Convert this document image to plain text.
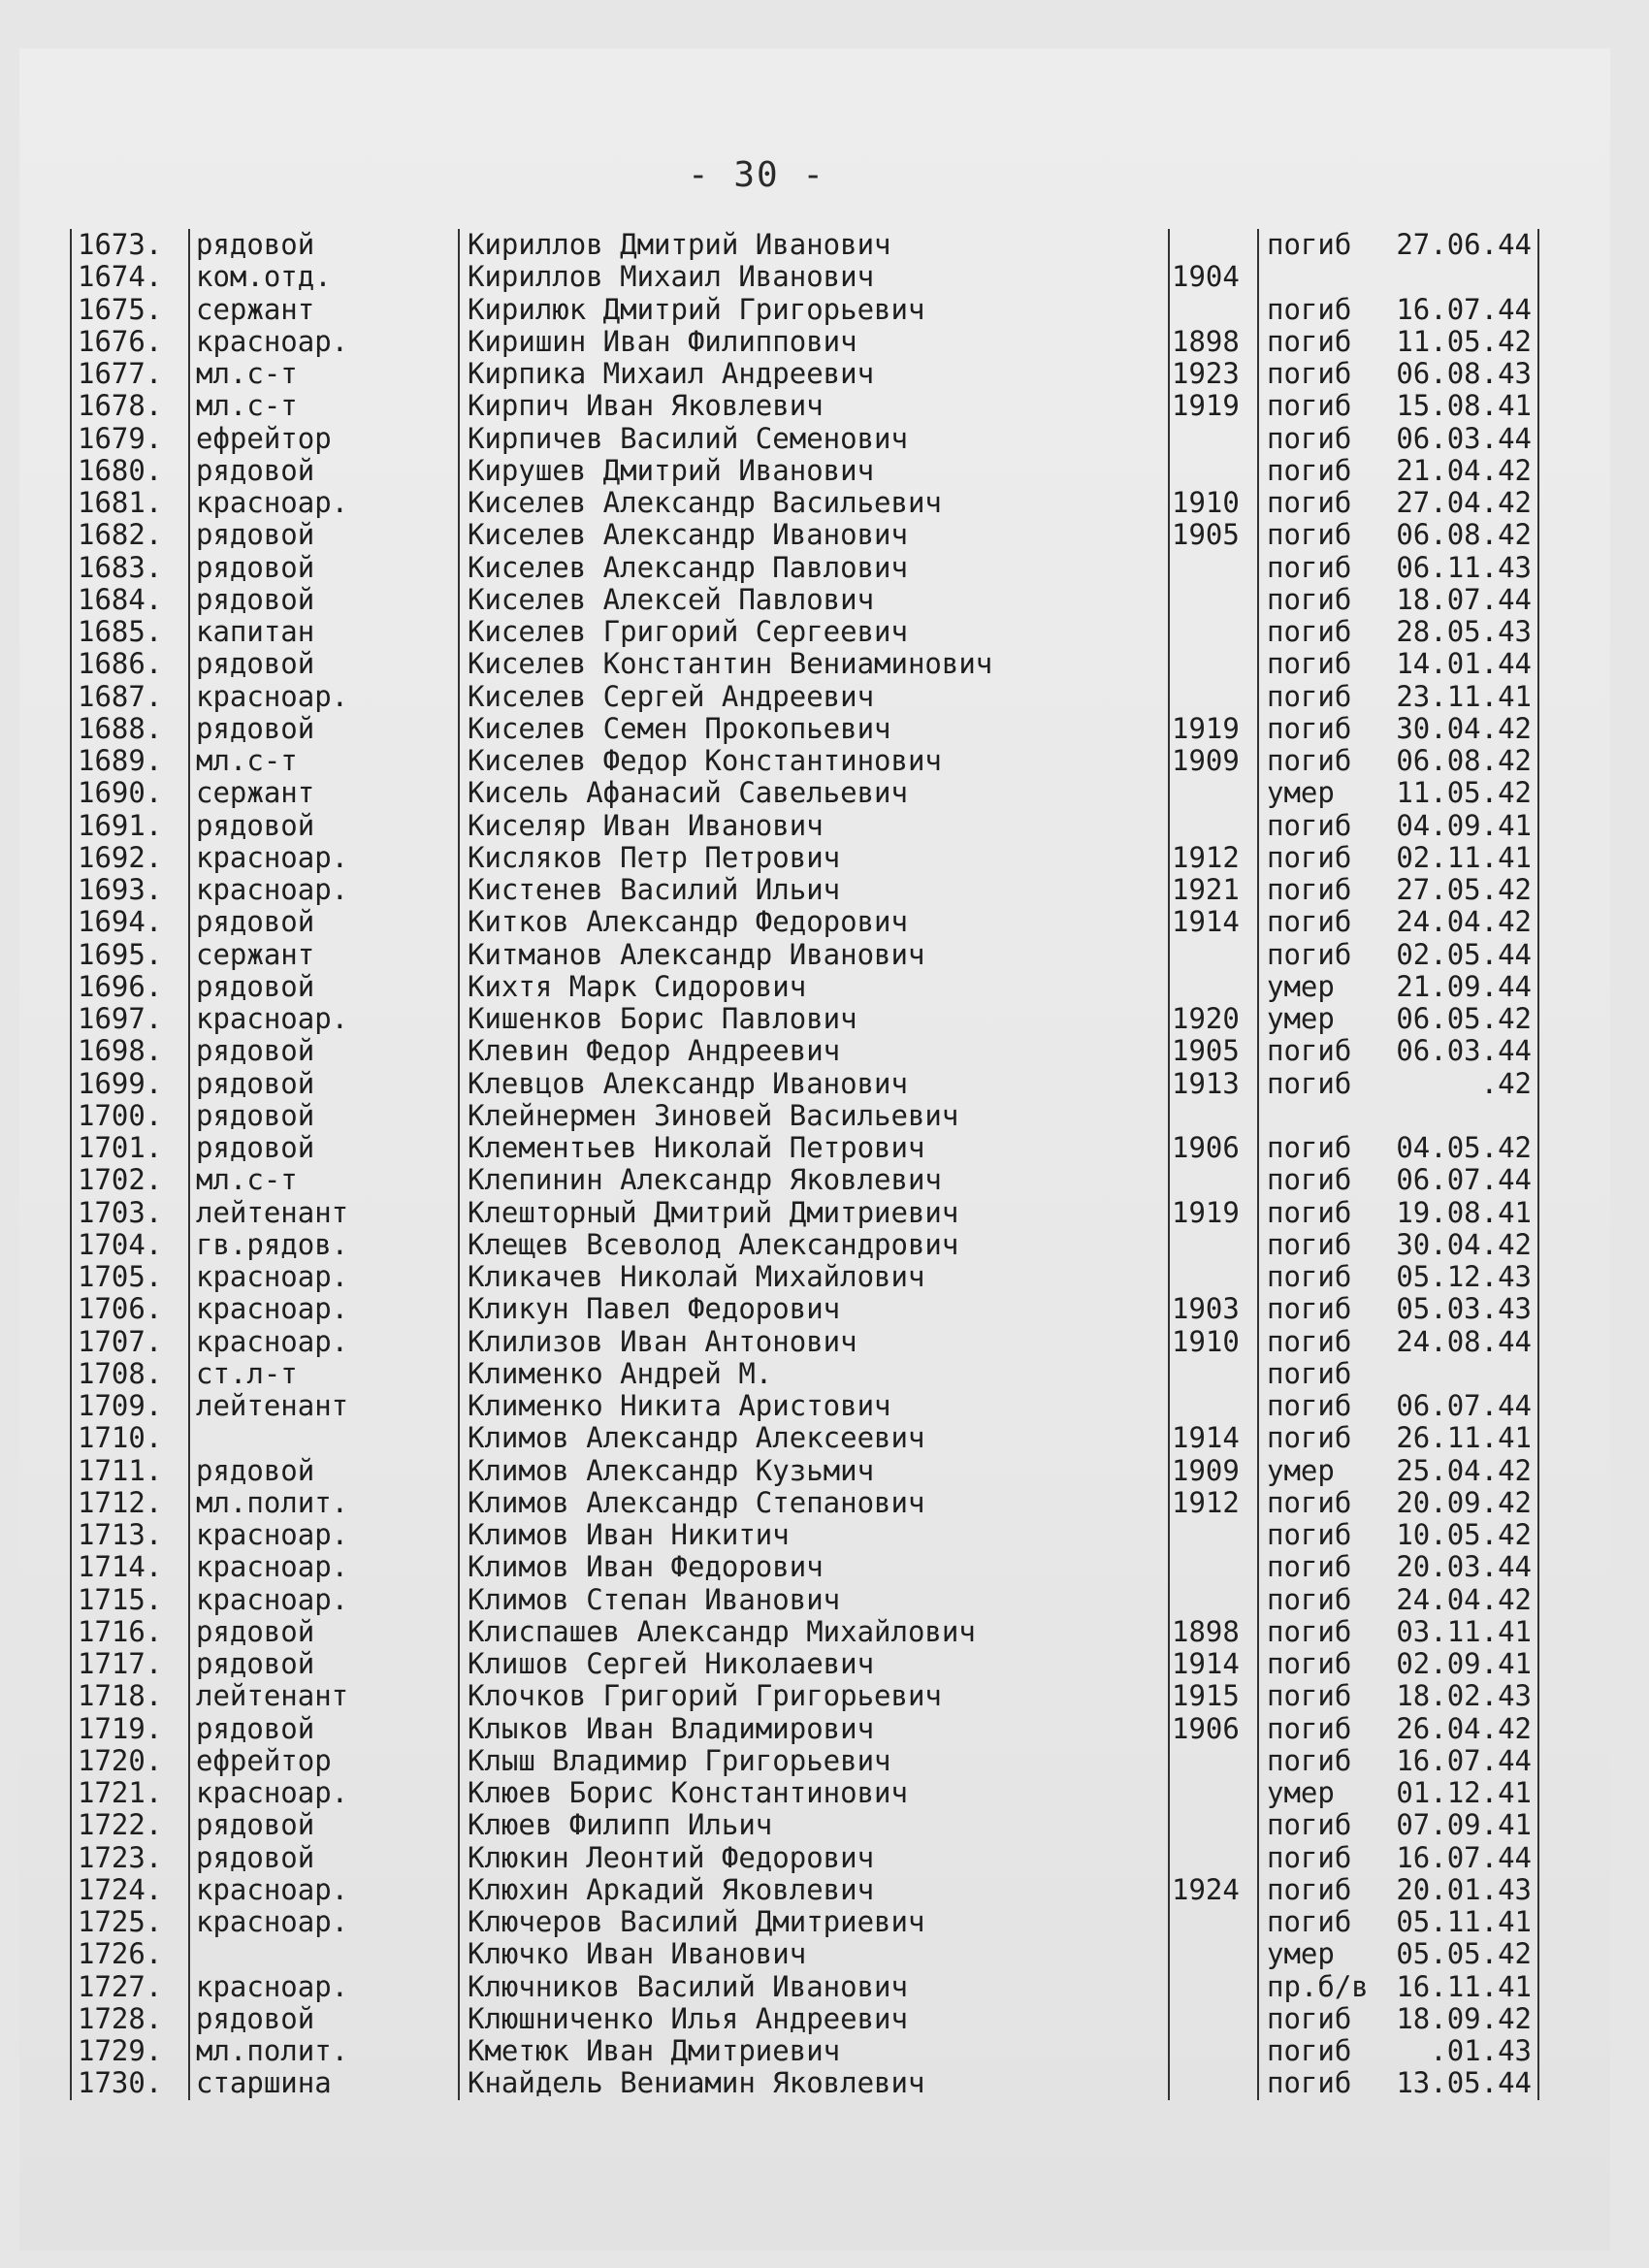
- 30 -
1673.	рядовой	Кириллов Дмитрий Иванович	погиб	27.06.44
1674.	ком.отд.	Кириллов Михаил Иванович	1904
1675.	сержант	Кирилюк Дмитрий Григорьевич	погиб	16.07.44
1676.	красноар.	Киришин Иван Филиппович	1898 погиб	11.05.42
1677.	мл.с-т	Кирпика Михаил Андреевич	1923 погиб	06.08.43
1678.	мл.с-т	Кирпич Иван Яковлевич	1919 погиб	15.08.41
1679.	ефрейтор	Кирпичев Василий Семенович	погиб	06.03.44
1680.	рядовой	Кирушев Дмитрий Иванович	погиб	21.04.42
1681.	красноар.	Киселев Александр Васильевич	1910 погиб	27.04.42
1682.	рядовой	Киселев Александр Иванович	1905 погиб	06.08.42
1683.	рядовой	Киселев Александр Павлович	погиб	06.11.43
1684.	рядовой	Киселев Алексей Павлович	погиб	18.07.44
1685.	капитан	Киселев Григорий Сергеевич	погиб	28.05.43
1686.	рядовой	Киселев Константин Вениаминович	погиб	14.01.44
1687.	красноар.	Киселев Сергей Андреевич	погиб	23.11.41
1688.	рядовой	Киселев Семен Прокопьевич	1919 погиб	30.04.42
1689.	мл.с-т	Киселев Федор Константинович	1909 погиб	06.08.42
1690.	сержант	Кисель Афанасий Савельевич	умер	11.05.42
1691.	рядовой	Киселяр Иван Иванович	погиб	04.09.41
1692.	красноар.	Кисляков Петр Петрович	1912 погиб	02.11.41
1693.	красноар.	Кистенев Василий Ильич	1921 погиб	27.05.42
1694.	рядовой	Китков Александр Федорович	1914 погиб	24.04.42
1695.	сержант	Китманов Александр Иванович	погиб	02.05.44
1696.	рядовой	Кихтя Марк Сидорович	умер	21.09.44
1697.	красноар.	Кишенков Борис Павлович	1920 умер	06.05.42
1698.	рядовой	Клевин Федор Андреевич	1905 погиб	06.03.44
1699.	рядовой	Клевцов Александр Иванович	1913 погиб	.42
1700.	рядовой	Клейнермен Зиновей Васильевич
1701.	рядовой	Клементьев Николай Петрович	1906 погиб	04.05.42
1702.	мл.с-т	Клепинин Александр Яковлевич	погиб	06.07.44
1703.	лейтенант	Клешторный Дмитрий Дмитриевич	1919 погиб	19.08.41
1704.	гв.рядов.	Клещев Всеволод Александрович	погиб	30.04.42
1705.	красноар.	Кликачев Николай Михайлович	погиб	05.12.43
1706.	красноар.	Кликун Павел Федорович	1903 погиб	05.03.43
1707.	красноар.	Клилизов Иван Антонович	1910 погиб	24.08.44
1708.	ст.л-т	Клименко Андрей М.	погиб
1709.	лейтенант	Клименко Никита Аристович	погиб	06.07.44
1710.	Климов Александр Алексеевич	1914 погиб	26.11.41
1711.	рядовой	Климов Александр Кузьмич	1909 умер	25.04.42
1712.	мл.полит.	Климов Александр Степанович	1912 погиб	20.09.42
1713.	красноар.	Климов Иван Никитич	погиб	10.05.42
1714.	красноар.	Климов Иван Федорович	погиб	20.03.44
1715.	красноар.	Климов Степан Иванович	погиб	24.04.42
1716.	рядовой	Клиспашев Александр Михайлович	1898 погиб	03.11.41
1717.	рядовой	Клишов Сергей Николаевич	1914 погиб	02.09.41
1718.	лейтенант	Клочков Григорий Григорьевич	1915 погиб	18.02.43
1719.	рядовой	Клыков Иван Владимирович	1906 погиб	26.04.42
1720.	ефрейтор	Клыш Владимир Григорьевич	погиб	16.07.44
1721.	красноар.	Клюев Борис Константинович	умер	01.12.41
1722.	рядовой	Клюев Филипп Ильич	погиб	07.09.41
1723.	рядовой	Клюкин Леонтий Федорович	погиб	16.07.44
1724.	красноар.	Клюхин Аркадий Яковлевич	1924 погиб	20.01.43
1725.	красноар.	Ключеров Василий Дмитриевич	погиб	05.11.41
1726.	Ключко Иван Иванович	умер	05.05.42
1727.	красноар.	Ключников Василий Иванович	пр.б/в 16.11.41
1728.	рядовой	Клюшниченко Илья Андреевич	погиб	18.09.42
1729.	мл.полит.	Кметюк Иван Дмитриевич	погиб	.01.43
1730.	старшина	Кнайдель Вениамин Яковлевич	погиб	13.05.44
